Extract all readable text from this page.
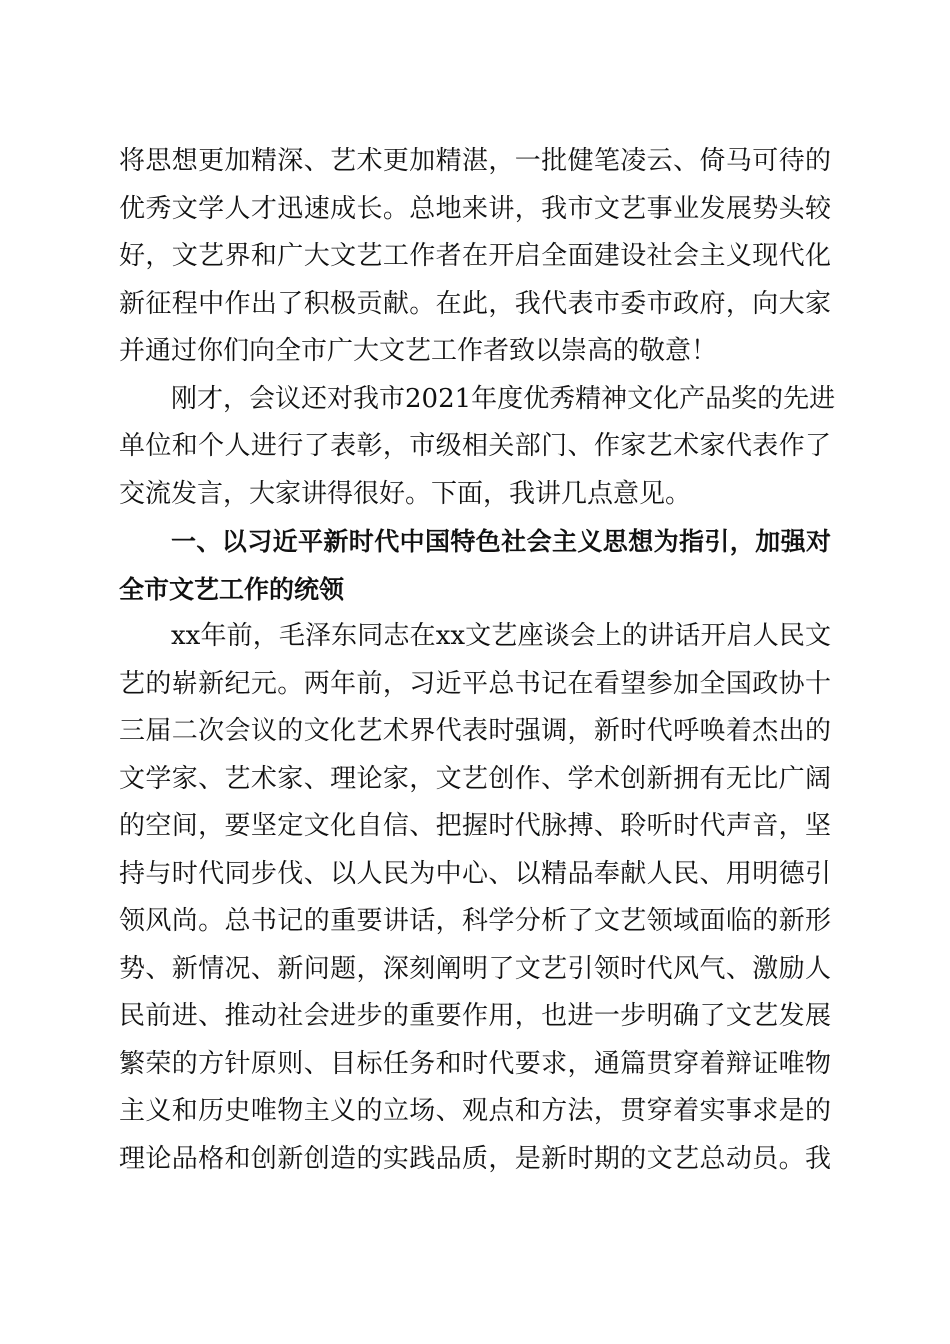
将思想更加精深、艺术更加精湛，一批健笔凌云、倚马可待的
优秀文学人才迅速成长。总地来讲，我市文艺事业发展势头较
好，文艺界和广大文艺工作者在开启全面建设社会主义现代化
新征程中作出了积极贡献。在此，我代表市委市政府，向大家
并通过你们向全市广大文艺工作者致以崇高的敬意！

刚才，会议还对我市2021年度优秀精神文化产品奖的先进
单位和个人进行了表彰，市级相关部门、作家艺术家代表作了
交流发言，大家讲得很好。下面，我讲几点意见。

一、以习近平新时代中国特色社会主义思想为指引，加强对
全市文艺工作的统领

xx年前，毛泽东同志在xx文艺座谈会上的讲话开启人民文
艺的崭新纪元。两年前，习近平总书记在看望参加全国政协十
三届二次会议的文化艺术界代表时强调，新时代呼唤着杰出的
文学家、艺术家、理论家，文艺创作、学术创新拥有无比广阔
的空间，要坚定文化自信、把握时代脉搏、聆听时代声音，坚
持与时代同步伐、以人民为中心、以精品奉献人民、用明德引
领风尚。总书记的重要讲话，科学分析了文艺领域面临的新形
势、新情况、新问题，深刻阐明了文艺引领时代风气、激励人
民前进、推动社会进步的重要作用，也进一步明确了文艺发展
繁荣的方针原则、目标任务和时代要求，通篇贯穿着辩证唯物
主义和历史唯物主义的立场、观点和方法，贯穿着实事求是的
理论品格和创新创造的实践品质，是新时期的文艺总动员。我
